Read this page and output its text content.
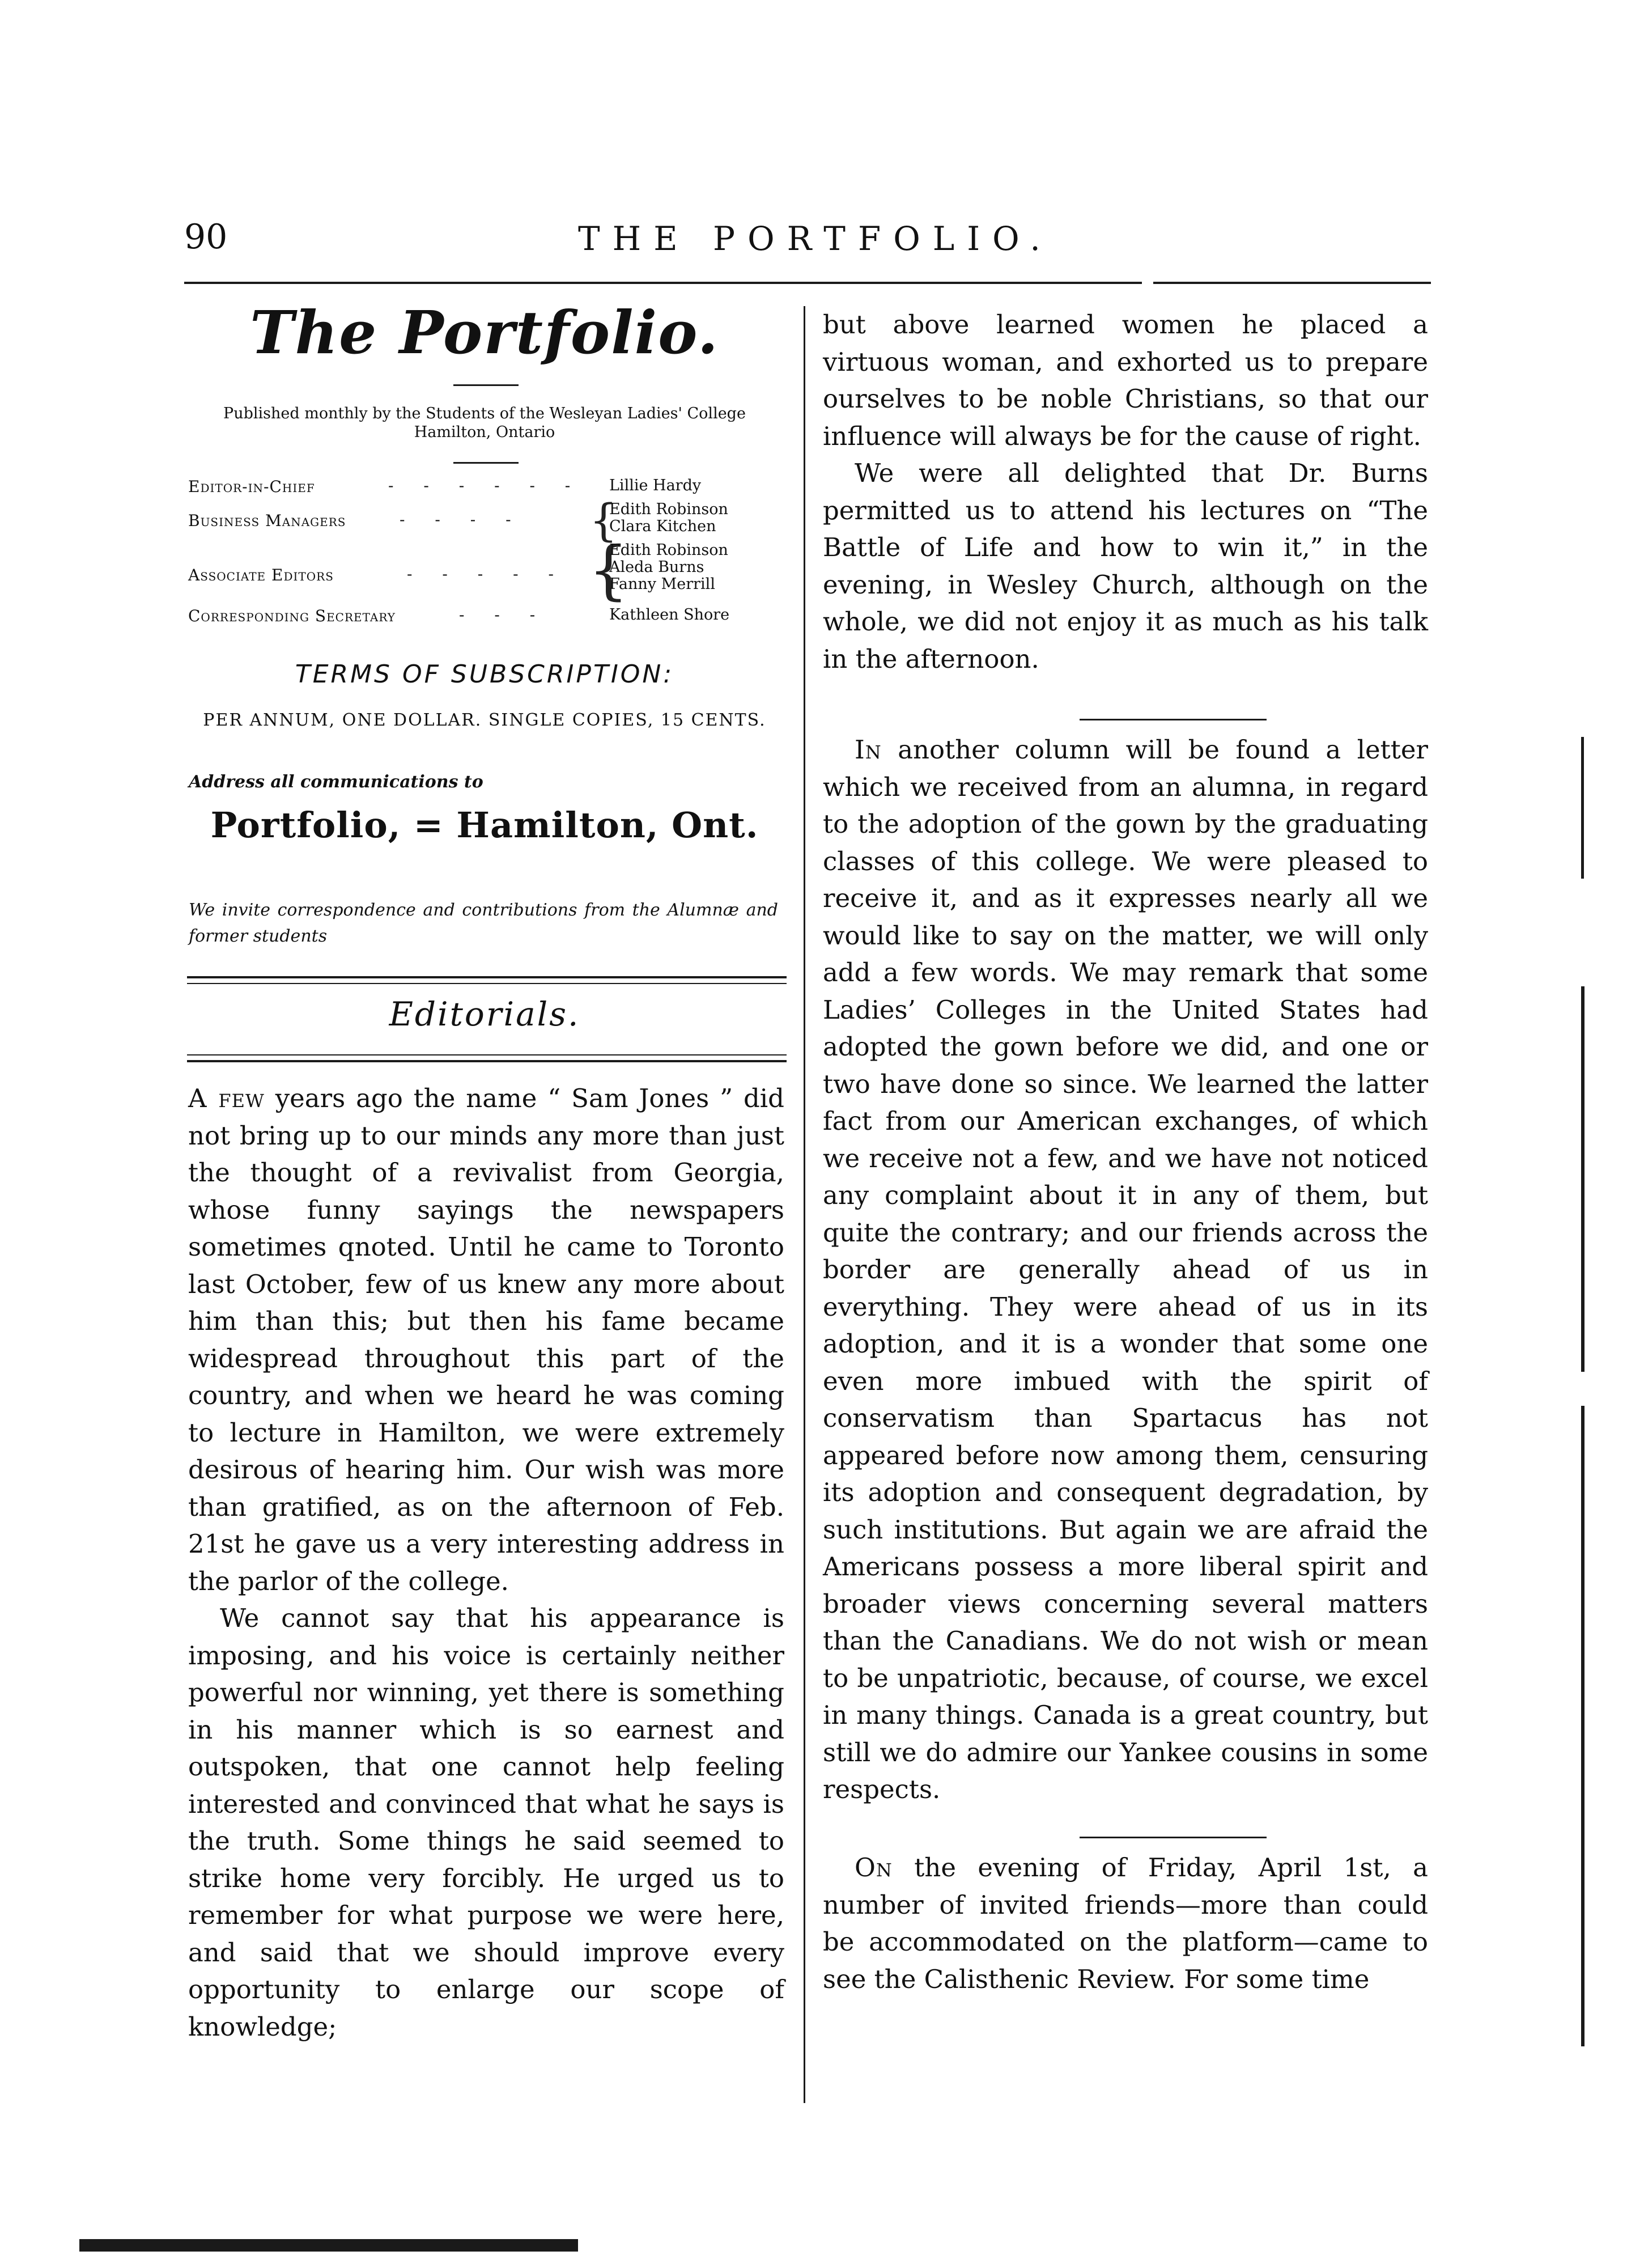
90	THE PORTFOLIO.
The Portfolio.
Published monthly by the Students of the Wesleyan Ladies' College
Hamilton, Ontario
Editor-in-Chief	- - - - - - Lillie Hardy
Business Managers	- - - - {
Edith Robinson
Clara Kitchen
Associate Editors	- - - - - {
Edith Robinson
Aleda Burns
Fanny Merrill
Corresponding Secretary	- - -	Kathleen Shore
TERMS OF SUBSCRIPTION:
PER ANNUM, ONE DOLLAR. SINGLE COPIES, 15 CENTS.
Address all communications to
Portfolio, = Hamilton, Ont.
We invite correspondence and contributions from the Alumnæ and former students
Editorials.

A few years ago the name “ Sam Jones ” did not bring up to our minds any more than just the thought of a revivalist from Georgia, whose funny sayings the newspapers sometimes qnoted. Until he came to Toronto last October, few of us knew any more about him than this; but then his fame became widespread throughout this part of the country, and when we heard he was coming to lecture in Hamilton, we were extremely desirous of hearing him. Our wish was more than gratified, as on the afternoon of Feb. 21st he gave us a very interesting address in the parlor of the college.

We cannot say that his appearance is imposing, and his voice is certainly neither powerful nor winning, yet there is something in his manner which is so earnest and outspoken, that one cannot help feeling interested and convinced that what he says is the truth. Some things he said seemed to strike home very forcibly. He urged us to remember for what purpose we were here, and said that we should improve every opportunity to enlarge our scope of knowledge;

but above learned women he placed a virtuous woman, and exhorted us to prepare ourselves to be noble Christians, so that our influence will always be for the cause of right.

We were all delighted that Dr. Burns permitted us to attend his lectures on “The Battle of Life and how to win it,” in the evening, in Wesley Church, although on the whole, we did not enjoy it as much as his talk in the afternoon.

In another column will be found a letter which we received from an alumna, in regard to the adoption of the gown by the graduating classes of this college. We were pleased to receive it, and as it expresses nearly all we would like to say on the matter, we will only add a few words. We may remark that some Ladies’ Colleges in the United States had adopted the gown before we did, and one or two have done so since. We learned the latter fact from our American exchanges, of which we receive not a few, and we have not noticed any complaint about it in any of them, but quite the contrary; and our friends across the border are generally ahead of us in everything. They were ahead of us in its adoption, and it is a wonder that some one even more imbued with the spirit of conservatism than Spartacus has not appeared before now among them, censuring its adoption and consequent degradation, by such institutions. But again we are afraid the Americans possess a more liberal spirit and broader views concerning several matters than the Canadians. We do not wish or mean to be unpatriotic, because, of course, we excel in many things. Canada is a great country, but still we do admire our Yankee cousins in some respects.

On the evening of Friday, April 1st, a number of invited friends—more than could be accommodated on the platform—came to see the Calisthenic Review. For some time
